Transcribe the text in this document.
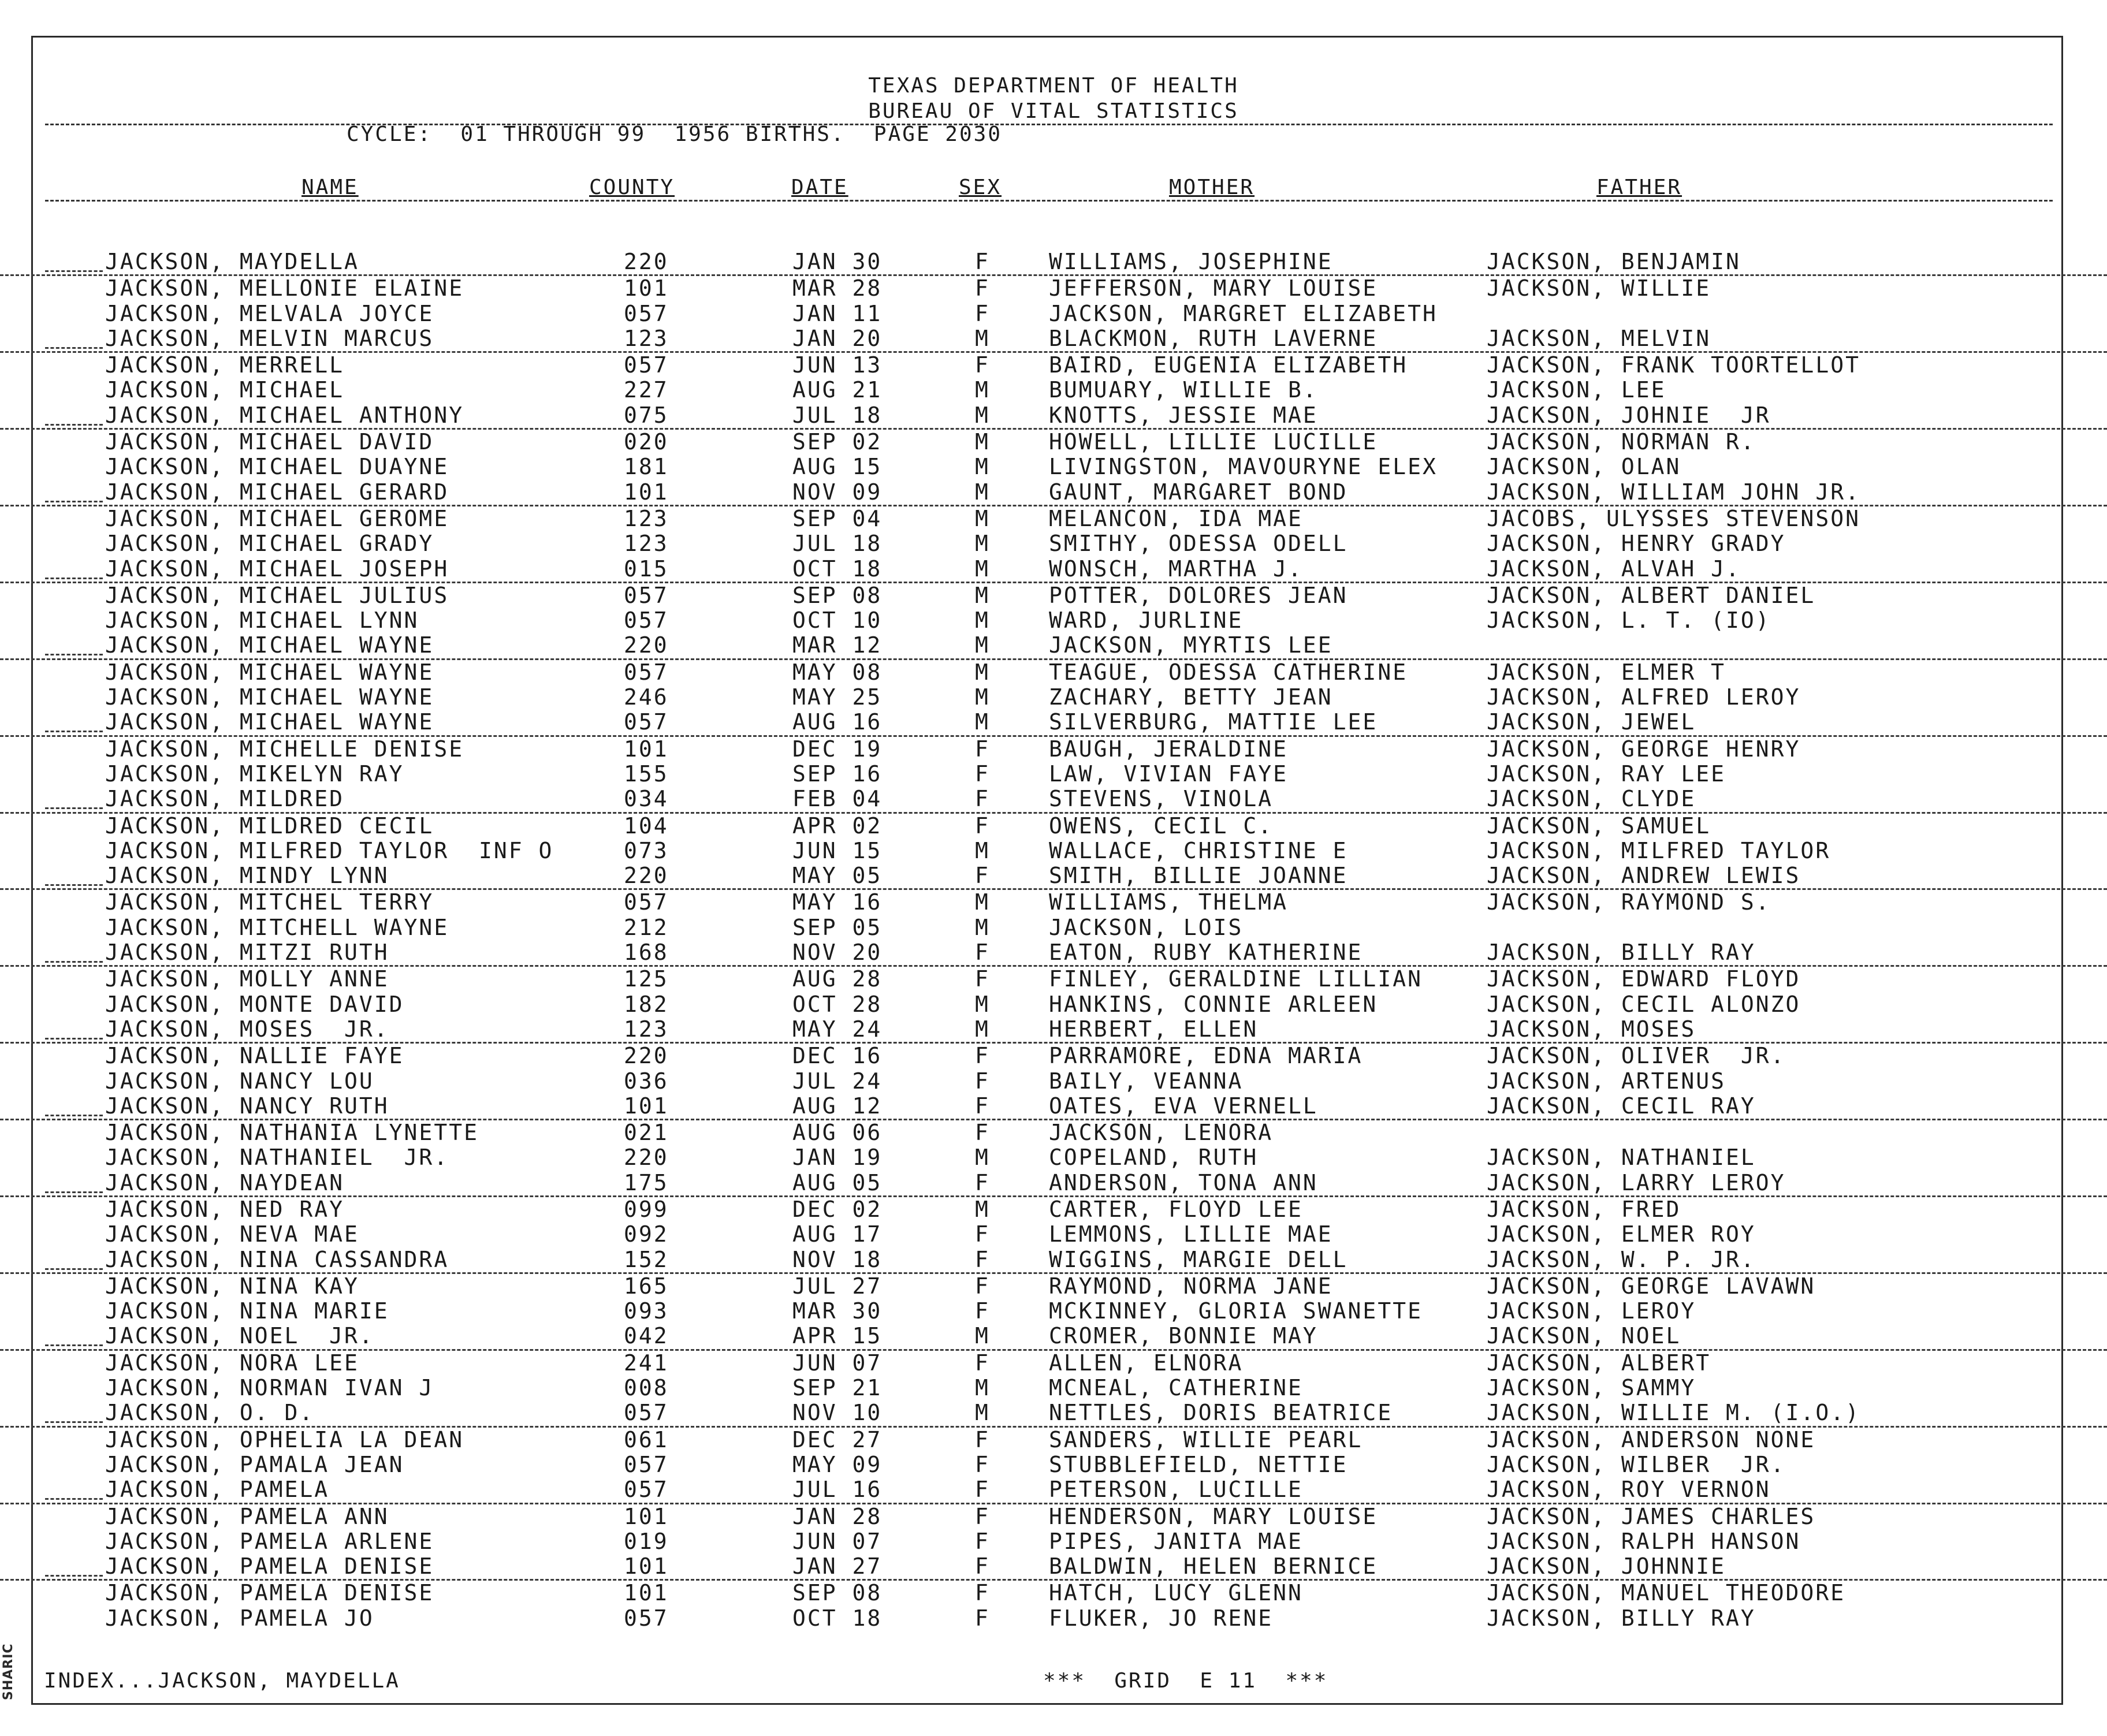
SHARIC
TEXAS DEPARTMENT OF HEALTH
BUREAU OF VITAL STATISTICS
CYCLE:  01 THROUGH 99  1956 BIRTHS.  PAGE 2030
NAME	COUNTY	DATE	SEX	MOTHER	FATHER
JACKSON, MAYDELLA	220	JAN 30	F	WILLIAMS, JOSEPHINE	JACKSON, BENJAMIN
JACKSON, MELLONIE ELAINE	101	MAR 28	F	JEFFERSON, MARY LOUISE	JACKSON, WILLIE
JACKSON, MELVALA JOYCE	057	JAN 11	F	JACKSON, MARGRET ELIZABETH
JACKSON, MELVIN MARCUS	123	JAN 20	M	BLACKMON, RUTH LAVERNE	JACKSON, MELVIN
JACKSON, MERRELL	057	JUN 13	F	BAIRD, EUGENIA ELIZABETH	JACKSON, FRANK TOORTELLOT
JACKSON, MICHAEL	227	AUG 21	M	BUMUARY, WILLIE B.	JACKSON, LEE
JACKSON, MICHAEL ANTHONY	075	JUL 18	M	KNOTTS, JESSIE MAE	JACKSON, JOHNIE  JR
JACKSON, MICHAEL DAVID	020	SEP 02	M	HOWELL, LILLIE LUCILLE	JACKSON, NORMAN R.
JACKSON, MICHAEL DUAYNE	181	AUG 15	M	LIVINGSTON, MAVOURYNE ELEX JACKSON, OLAN
JACKSON, MICHAEL GERARD	101	NOV 09	M	GAUNT, MARGARET BOND	JACKSON, WILLIAM JOHN JR.
JACKSON, MICHAEL GEROME	123	SEP 04	M	MELANCON, IDA MAE	JACOBS, ULYSSES STEVENSON
JACKSON, MICHAEL GRADY	123	JUL 18	M	SMITHY, ODESSA ODELL	JACKSON, HENRY GRADY
JACKSON, MICHAEL JOSEPH	015	OCT 18	M	WONSCH, MARTHA J.	JACKSON, ALVAH J.
JACKSON, MICHAEL JULIUS	057	SEP 08	M	POTTER, DOLORES JEAN	JACKSON, ALBERT DANIEL
JACKSON, MICHAEL LYNN	057	OCT 10	M	WARD, JURLINE	JACKSON, L. T. (IO)
JACKSON, MICHAEL WAYNE	220	MAR 12	M	JACKSON, MYRTIS LEE
JACKSON, MICHAEL WAYNE	057	MAY 08	M	TEAGUE, ODESSA CATHERINE	JACKSON, ELMER T
JACKSON, MICHAEL WAYNE	246	MAY 25	M	ZACHARY, BETTY JEAN	JACKSON, ALFRED LEROY
JACKSON, MICHAEL WAYNE	057	AUG 16	M	SILVERBURG, MATTIE LEE	JACKSON, JEWEL
JACKSON, MICHELLE DENISE	101	DEC 19	F	BAUGH, JERALDINE	JACKSON, GEORGE HENRY
JACKSON, MIKELYN RAY	155	SEP 16	F	LAW, VIVIAN FAYE	JACKSON, RAY LEE
JACKSON, MILDRED	034	FEB 04	F	STEVENS, VINOLA	JACKSON, CLYDE
JACKSON, MILDRED CECIL	104	APR 02	F	OWENS, CECIL C.	JACKSON, SAMUEL
JACKSON, MILFRED TAYLOR  INF O	073	JUN 15	M	WALLACE, CHRISTINE E	JACKSON, MILFRED TAYLOR
JACKSON, MINDY LYNN	220	MAY 05	F	SMITH, BILLIE JOANNE	JACKSON, ANDREW LEWIS
JACKSON, MITCHEL TERRY	057	MAY 16	M	WILLIAMS, THELMA	JACKSON, RAYMOND S.
JACKSON, MITCHELL WAYNE	212	SEP 05	M	JACKSON, LOIS
JACKSON, MITZI RUTH	168	NOV 20	F	EATON, RUBY KATHERINE	JACKSON, BILLY RAY
JACKSON, MOLLY ANNE	125	AUG 28	F	FINLEY, GERALDINE LILLIAN	JACKSON, EDWARD FLOYD
JACKSON, MONTE DAVID	182	OCT 28	M	HANKINS, CONNIE ARLEEN	JACKSON, CECIL ALONZO
JACKSON, MOSES  JR.	123	MAY 24	M	HERBERT, ELLEN	JACKSON, MOSES
JACKSON, NALLIE FAYE	220	DEC 16	F	PARRAMORE, EDNA MARIA	JACKSON, OLIVER  JR.
JACKSON, NANCY LOU	036	JUL 24	F	BAILY, VEANNA	JACKSON, ARTENUS
JACKSON, NANCY RUTH	101	AUG 12	F	OATES, EVA VERNELL	JACKSON, CECIL RAY
JACKSON, NATHANIA LYNETTE	021	AUG 06	F	JACKSON, LENORA
JACKSON, NATHANIEL  JR.	220	JAN 19	M	COPELAND, RUTH	JACKSON, NATHANIEL
JACKSON, NAYDEAN	175	AUG 05	F	ANDERSON, TONA ANN	JACKSON, LARRY LEROY
JACKSON, NED RAY	099	DEC 02	M	CARTER, FLOYD LEE	JACKSON, FRED
JACKSON, NEVA MAE	092	AUG 17	F	LEMMONS, LILLIE MAE	JACKSON, ELMER ROY
JACKSON, NINA CASSANDRA	152	NOV 18	F	WIGGINS, MARGIE DELL	JACKSON, W. P. JR.
JACKSON, NINA KAY	165	JUL 27	F	RAYMOND, NORMA JANE	JACKSON, GEORGE LAVAWN
JACKSON, NINA MARIE	093	MAR 30	F	MCKINNEY, GLORIA SWANETTE	JACKSON, LEROY
JACKSON, NOEL  JR.	042	APR 15	M	CROMER, BONNIE MAY	JACKSON, NOEL
JACKSON, NORA LEE	241	JUN 07	F	ALLEN, ELNORA	JACKSON, ALBERT
JACKSON, NORMAN IVAN J	008	SEP 21	M	MCNEAL, CATHERINE	JACKSON, SAMMY
JACKSON, O. D.	057	NOV 10	M	NETTLES, DORIS BEATRICE	JACKSON, WILLIE M. (I.O.)
JACKSON, OPHELIA LA DEAN	061	DEC 27	F	SANDERS, WILLIE PEARL	JACKSON, ANDERSON NONE
JACKSON, PAMALA JEAN	057	MAY 09	F	STUBBLEFIELD, NETTIE	JACKSON, WILBER  JR.
JACKSON, PAMELA	057	JUL 16	F	PETERSON, LUCILLE	JACKSON, ROY VERNON
JACKSON, PAMELA ANN	101	JAN 28	F	HENDERSON, MARY LOUISE	JACKSON, JAMES CHARLES
JACKSON, PAMELA ARLENE	019	JUN 07	F	PIPES, JANITA MAE	JACKSON, RALPH HANSON
JACKSON, PAMELA DENISE	101	JAN 27	F	BALDWIN, HELEN BERNICE	JACKSON, JOHNNIE
JACKSON, PAMELA DENISE	101	SEP 08	F	HATCH, LUCY GLENN	JACKSON, MANUEL THEODORE
JACKSON, PAMELA JO	057	OCT 18	F	FLUKER, JO RENE	JACKSON, BILLY RAY
INDEX...JACKSON, MAYDELLA	***  GRID  E 11  ***
